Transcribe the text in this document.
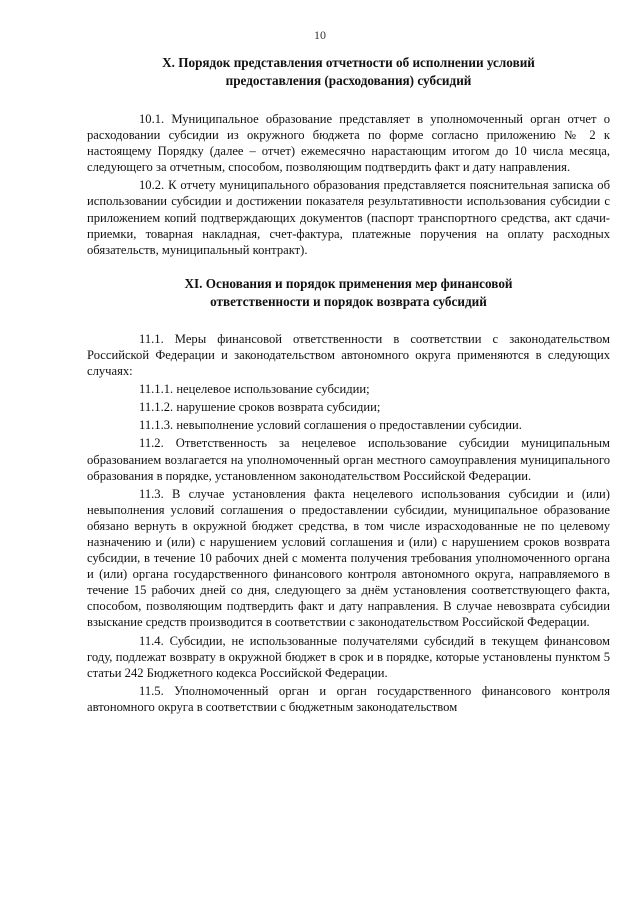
10
X. Порядок представления отчетности об исполнении условий
предоставления (расходования) субсидий

10.1. Муниципальное образование представляет в уполномоченный орган отчет о расходовании субсидии из окружного бюджета по форме согласно приложению № 2 к настоящему Порядку (далее – отчет) ежемесячно нарастающим итогом до 10 числа месяца, следующего за отчетным, способом, позволяющим подтвердить факт и дату направления.

10.2. К отчету муниципального образования представляется пояснительная записка об использовании субсидии и достижении показателя результативности использования субсидии с приложением копий подтверждающих документов (паспорт транспортного средства, акт сдачи-приемки, товарная накладная, счет-фактура, платежные поручения на оплату расходных обязательств, муниципальный контракт).

XI. Основания и порядок применения мер финансовой
ответственности и порядок возврата субсидий

11.1. Меры финансовой ответственности в соответствии с законодательством Российской Федерации и законодательством автономного округа применяются в следующих случаях:

11.1.1. нецелевое использование субсидии;

11.1.2. нарушение сроков возврата субсидии;

11.1.3. невыполнение условий соглашения о предоставлении субсидии.

11.2. Ответственность за нецелевое использование субсидии муниципальным образованием возлагается на уполномоченный орган местного самоуправления муниципального образования в порядке, установленном законодательством Российской Федерации.

11.3. В случае установления факта нецелевого использования субсидии и (или) невыполнения условий соглашения о предоставлении субсидии, муниципальное образование обязано вернуть в окружной бюджет средства, в том числе израсходованные не по целевому назначению и (или) с нарушением условий соглашения и (или) с нарушением сроков возврата субсидии, в течение 10 рабочих дней с момента получения требования уполномоченного органа и (или) органа государственного финансового контроля автономного округа, направляемого в течение 15 рабочих дней со дня, следующего за днём установления соответствующего факта, способом, позволяющим подтвердить факт и дату направления. В случае невозврата субсидии взыскание средств производится в соответствии с законодательством Российской Федерации.

11.4. Субсидии, не использованные получателями субсидий в текущем финансовом году, подлежат возврату в окружной бюджет в срок и в порядке, которые установлены пунктом 5 статьи 242 Бюджетного кодекса Российской Федерации.

11.5. Уполномоченный орган и орган государственного финансового контроля автономного округа в соответствии с бюджетным законодательством
